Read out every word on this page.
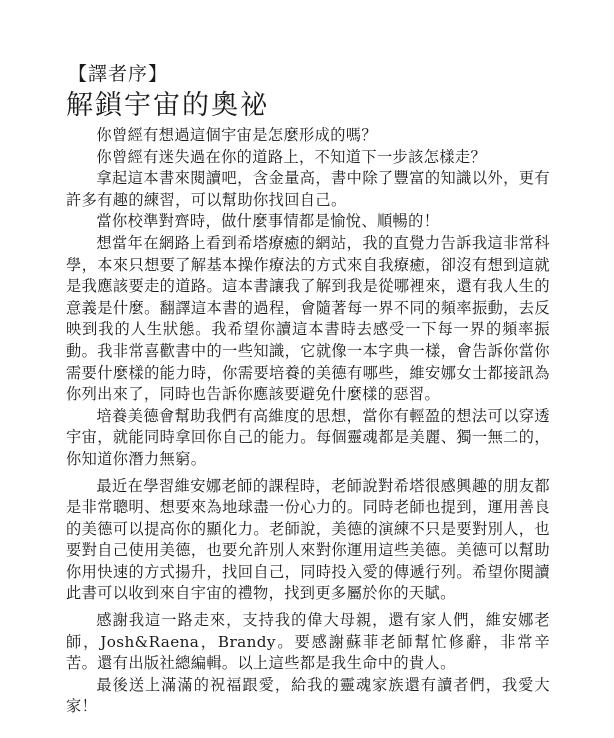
【譯者序】
解鎖宇宙的奧祕

你曾經有想過這個宇宙是怎麼形成的嗎？

你曾經有迷失過在你的道路上，不知道下一步該怎樣走？

拿起這本書來閱讀吧，含金量高，書中除了豐富的知識以外，更有許多有趣的練習，可以幫助你找回自己。

當你校準對齊時，做什麼事情都是愉悅、順暢的！

想當年在網路上看到希塔療癒的網站，我的直覺力告訴我這非常科學，本來只想要了解基本操作療法的方式來自我療癒，卻沒有想到這就是我應該要走的道路。這本書讓我了解到我是從哪裡來，還有我人生的意義是什麼。翻譯這本書的過程，會隨著每一界不同的頻率振動，去反映到我的人生狀態。我希望你讀這本書時去感受一下每一界的頻率振動。我非常喜歡書中的一些知識，它就像一本字典一樣，會告訴你當你需要什麼樣的能力時，你需要培養的美德有哪些，維安娜女士都接訊為你列出來了，同時也告訴你應該要避免什麼樣的惡習。

培養美德會幫助我們有高維度的思想，當你有輕盈的想法可以穿透宇宙，就能同時拿回你自己的能力。每個靈魂都是美麗、獨一無二的，你知道你潛力無窮。

最近在學習維安娜老師的課程時，老師說對希塔很感興趣的朋友都是非常聰明、想要來為地球盡一份心力的。同時老師也提到，運用善良的美德可以提高你的顯化力。老師說，美德的演練不只是要對別人，也要對自己使用美德，也要允許別人來對你運用這些美德。美德可以幫助你用快速的方式揚升，找回自己，同時投入愛的傳遞行列。希望你閱讀此書可以收到來自宇宙的禮物，找到更多屬於你的天賦。

感謝我這一路走來，支持我的偉大母親，還有家人們，維安娜老師，Josh&Raena，Brandy。要感謝蘇菲老師幫忙修辭，非常辛苦。還有出版社總編輯。以上這些都是我生命中的貴人。

最後送上滿滿的祝福跟愛，給我的靈魂家族還有讀者們，我愛大家！
